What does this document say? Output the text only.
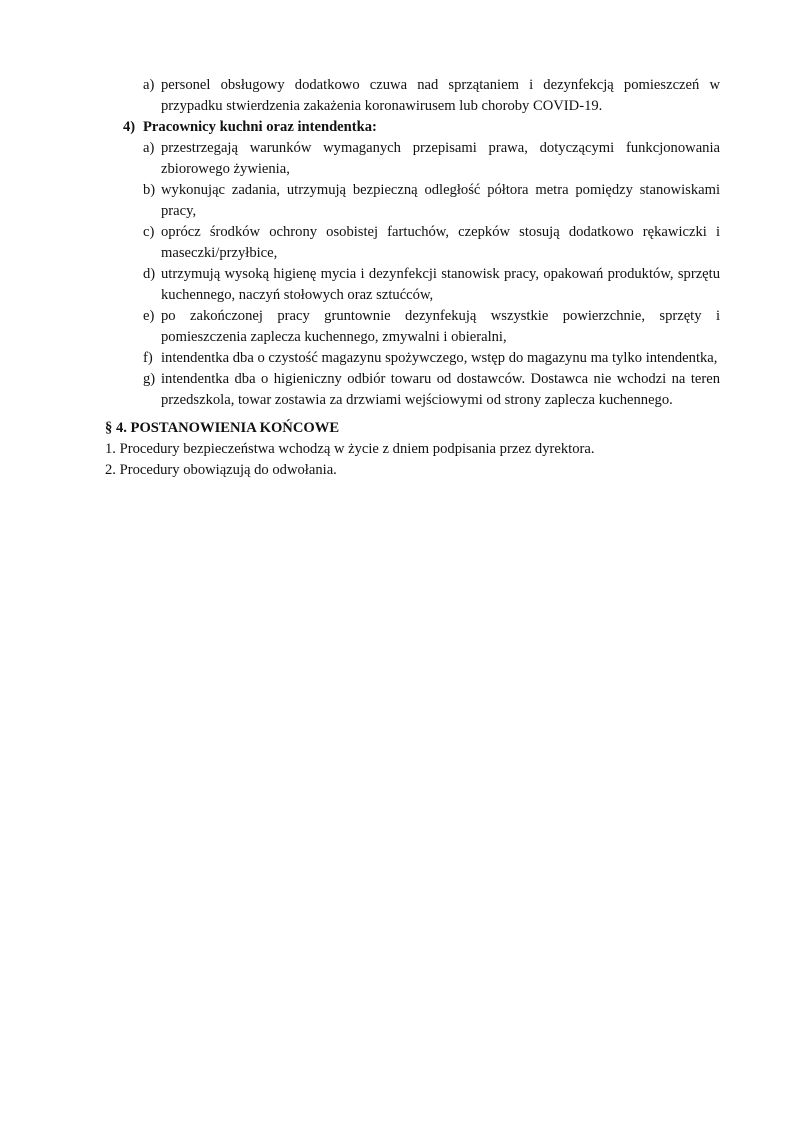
a) personel obsługowy dodatkowo czuwa nad sprzątaniem i dezynfekcją pomieszczeń w przypadku stwierdzenia zakażenia koronawirusem lub choroby COVID-19.
4) Pracownicy kuchni oraz intendentka:
a) przestrzegają warunków wymaganych przepisami prawa, dotyczącymi funkcjonowania zbiorowego żywienia,
b) wykonując zadania, utrzymują bezpieczną odległość półtora metra pomiędzy stanowiskami pracy,
c) oprócz środków ochrony osobistej fartuchów, czepków stosują dodatkowo rękawiczki i maseczki/przyłbice,
d) utrzymują wysoką higienę mycia i dezynfekcji stanowisk pracy, opakowań produktów, sprzętu kuchennego, naczyń stołowych oraz sztućców,
e) po zakończonej pracy gruntownie dezynfekują wszystkie powierzchnie, sprzęty i pomieszczenia zaplecza kuchennego, zmywalni i obieralni,
f) intendentka dba o czystość magazynu spożywczego, wstęp do magazynu ma tylko intendentka,
g) intendentka dba o higieniczny odbiór towaru od dostawców. Dostawca nie wchodzi na teren przedszkola, towar zostawia za drzwiami wejściowymi od strony zaplecza kuchennego.
§ 4. POSTANOWIENIA KOŃCOWE
1. Procedury bezpieczeństwa wchodzą w życie z dniem podpisania przez dyrektora.
2. Procedury obowiązują do odwołania.
